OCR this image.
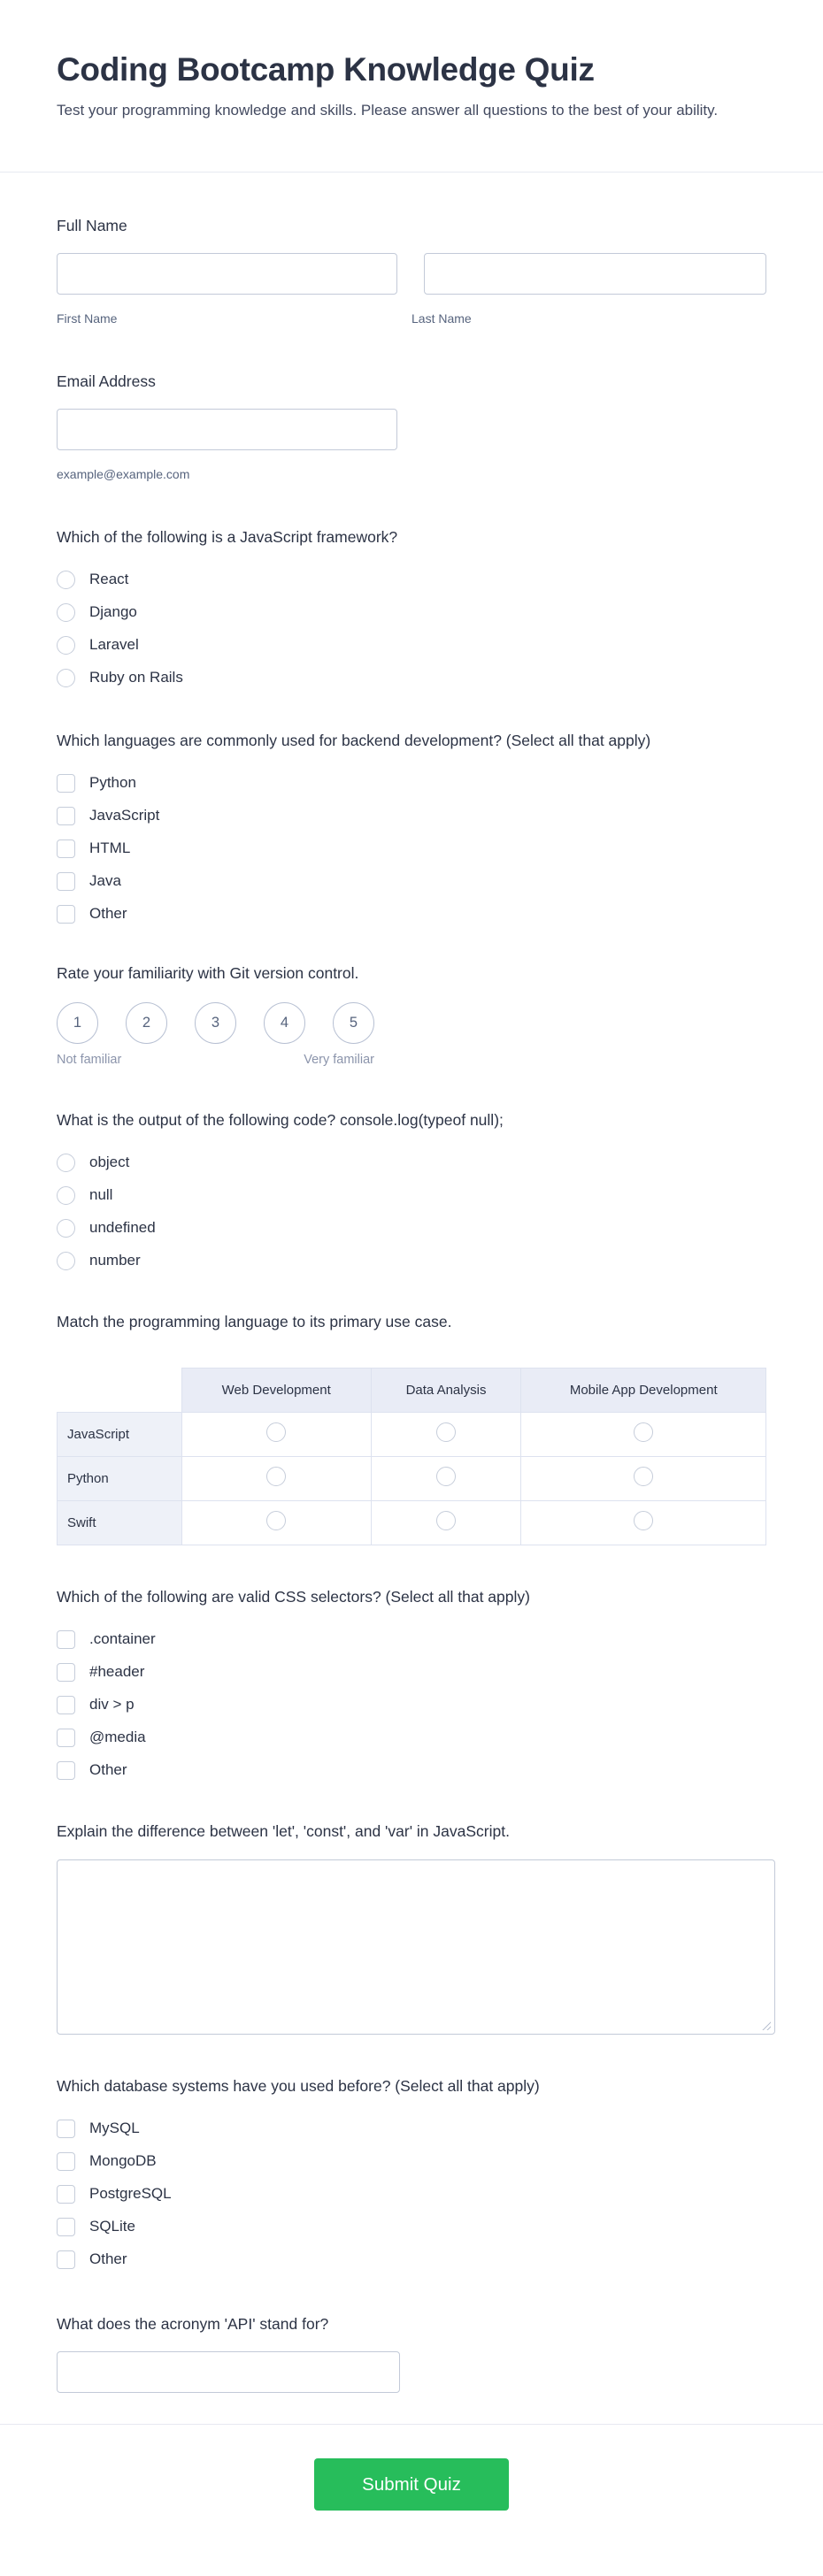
Coding Bootcamp Knowledge Quiz
Test your programming knowledge and skills. Please answer all questions to the best of your ability.
Full Name
First Name	Last Name
Email Address
example@example.com
Which of the following is a JavaScript framework?
React
Django
Laravel
Ruby on Rails
Which languages are commonly used for backend development? (Select all that apply)
Python
JavaScript
HTML
Java
Other
Rate your familiarity with Git version control.
1	2	3	4	5
Not familiar	Very familiar
What is the output of the following code? console.log(typeof null);
object
null
undefined
number
Match the programming language to its primary use case.
	Web Development	Data Analysis	Mobile App Development
JavaScript			
Python			
Swift			
Which of the following are valid CSS selectors? (Select all that apply)
.container
#header
div > p
@media
Other
Explain the difference between 'let', 'const', and 'var' in JavaScript.
Which database systems have you used before? (Select all that apply)
MySQL
MongoDB
PostgreSQL
SQLite
Other
What does the acronym 'API' stand for?
Submit Quiz
